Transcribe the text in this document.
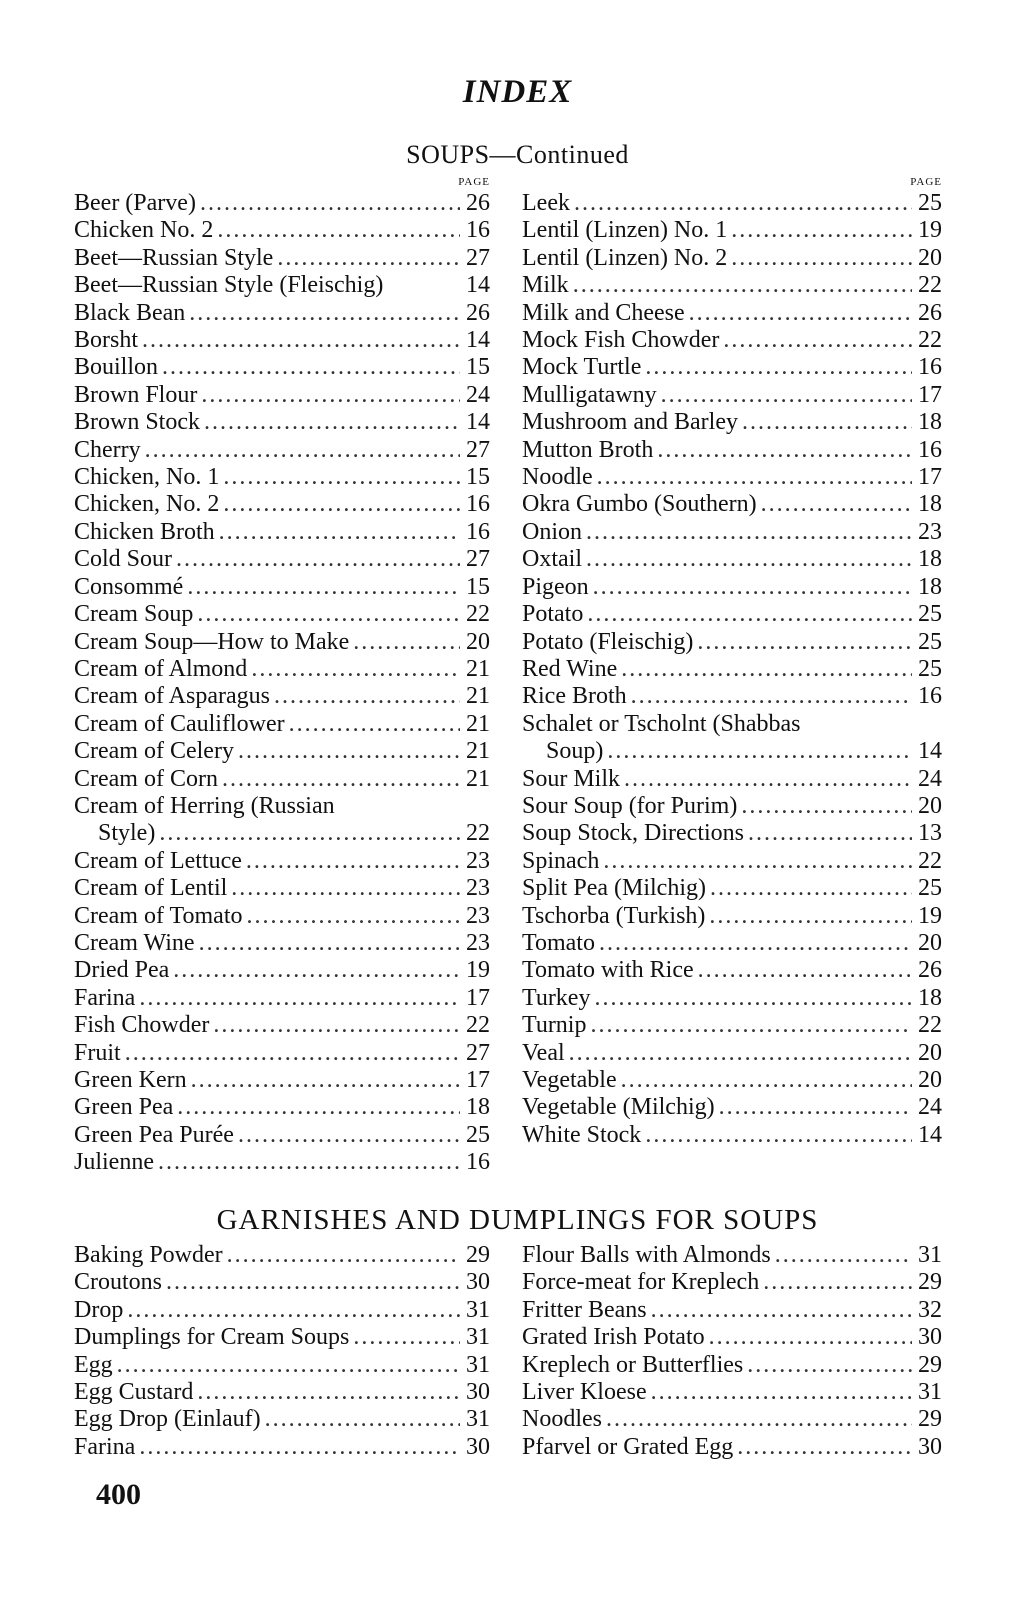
INDEX
SOUPS—Continued
PAGE
Beer (Parve) .....	26
Chicken No. 2 .....	16
Beet—Russian Style .....	27
Beet—Russian Style (Fleischig)	14
Black Bean .....	26
Borsht .....	14
Bouillon .....	15
Brown Flour .....	24
Brown Stock .....	14
Cherry .....	27
Chicken, No. 1 .....	15
Chicken, No. 2 .....	16
Chicken Broth .....	16
Cold Sour .....	27
Consommé .....	15
Cream Soup .....	22
Cream Soup—How to Make .....	20
Cream of Almond .....	21
Cream of Asparagus .....	21
Cream of Cauliflower .....	21
Cream of Celery .....	21
Cream of Corn .....	21
Cream of Herring (Russian
Style) .....	22
Cream of Lettuce .....	23
Cream of Lentil .....	23
Cream of Tomato .....	23
Cream Wine .....	23
Dried Pea .....	19
Farina .....	17
Fish Chowder .....	22
Fruit .....	27
Green Kern .....	17
Green Pea .....	18
Green Pea Purée .....	25
Julienne .....	16
PAGE
Leek .....	25
Lentil (Linzen) No. 1 .....	19
Lentil (Linzen) No. 2 .....	20
Milk .....	22
Milk and Cheese .....	26
Mock Fish Chowder .....	22
Mock Turtle .....	16
Mulligatawny .....	17
Mushroom and Barley .....	18
Mutton Broth .....	16
Noodle .....	17
Okra Gumbo (Southern) .....	18
Onion .....	23
Oxtail .....	18
Pigeon .....	18
Potato .....	25
Potato (Fleischig) .....	25
Red Wine .....	25
Rice Broth .....	16
Schalet or Tscholnt (Shabbas
Soup) .....	14
Sour Milk .....	24
Sour Soup (for Purim) .....	20
Soup Stock, Directions .....	13
Spinach .....	22
Split Pea (Milchig) .....	25
Tschorba (Turkish) .....	19
Tomato .....	20
Tomato with Rice .....	26
Turkey .....	18
Turnip .....	22
Veal .....	20
Vegetable .....	20
Vegetable (Milchig) .....	24
White Stock .....	14
GARNISHES AND DUMPLINGS FOR SOUPS
Baking Powder .....	29
Croutons .....	30
Drop .....	31
Dumplings for Cream Soups .....	31
Egg .....	31
Egg Custard .....	30
Egg Drop (Einlauf) .....	31
Farina .....	30
Flour Balls with Almonds .....	31
Force-meat for Kreplech .....	29
Fritter Beans .....	32
Grated Irish Potato .....	30
Kreplech or Butterflies .....	29
Liver Kloese .....	31
Noodles .....	29
Pfarvel or Grated Egg .....	30
400
